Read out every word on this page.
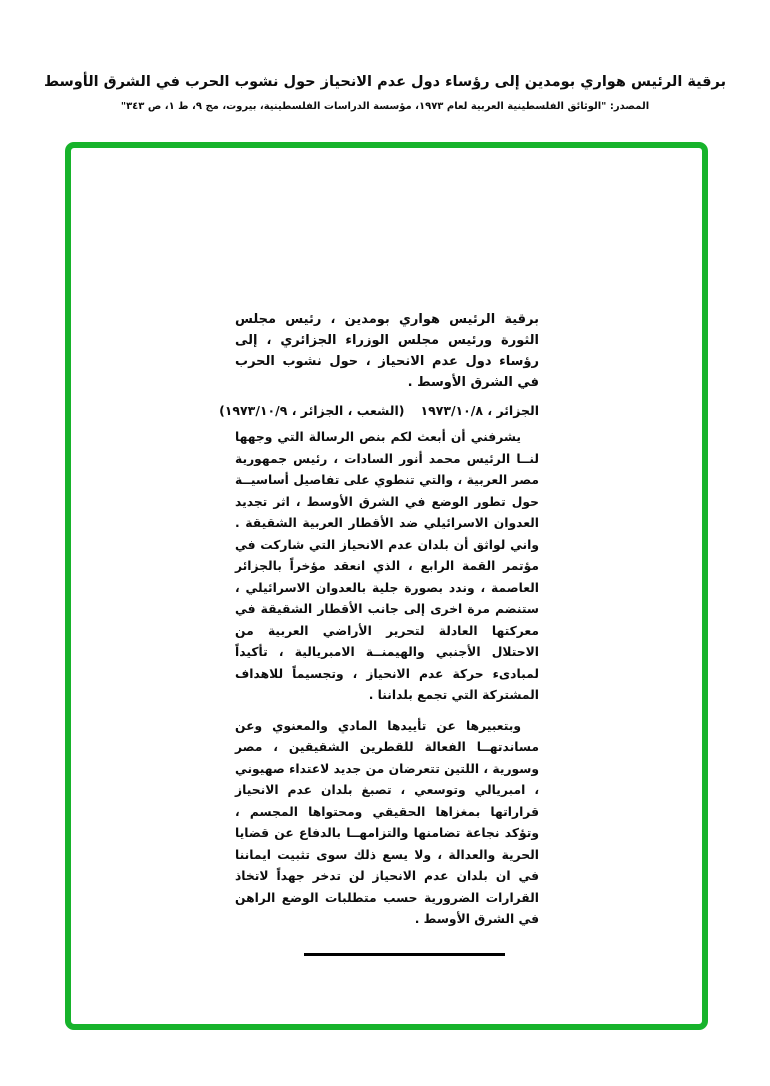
برقية الرئيس هواري بومدين إلى رؤساء دول عدم الانحياز حول نشوب الحرب في الشرق الأوسط
المصدر: "الوثائق الفلسطينية العربية لعام ١٩٧٣، مؤسسة الدراسات الفلسطينية، بيروت، مج ٩، ط ١، ص ٣٤٣"

برقية الرئيس هواري بومدين ، رئيس مجلس الثورة ورئيس مجلس الوزراء الجزائري ، إلى رؤساء دول عدم الانحياز ، حول نشوب الحرب في الشرق الأوسط .

الجزائر ، ١٩٧٣/١٠/٨
(الشعب ، الجزائر ، ١٩٧٣/١٠/٩)

يشرفني أن أبعث لكم بنص الرسالة التي وجهها لنــا الرئيس محمد أنور السادات ، رئيس جمهورية مصر العربية ، والتي تنطوي على تفاصيل أساسيــة حول تطور الوضع في الشرق الأوسط ، اثر تجديد العدوان الاسرائيلي ضد الأقطار العربية الشقيقة . واني لواثق أن بلدان عدم الانحياز التي شاركت في مؤتمر القمة الرابع ، الذي انعقد مؤخراً بالجزائر العاصمة ، وندد بصورة جلية بالعدوان الاسرائيلي ، ستنضم مرة اخرى إلى جانب الأقطار الشقيقة في معركتها العادلة لتحرير الأراضي العربية من الاحتلال الأجنبي والهيمنــة الامبريالية ، تأكيداً لمبادىء حركة عدم الانحياز ، وتجسيماً للاهداف المشتركة التي تجمع بلداننا .

وبتعبيرها عن تأييدها المادي والمعنوي وعن مساندتهــا الفعالة للقطرين الشقيقين ، مصر وسورية ، اللتين تتعرضان من جديد لاعتداء صهيوني ، امبريالي وتوسعي ، تصبغ بلدان عدم الانحياز قراراتها بمغزاها الحقيقي ومحتواها المجسم ، وتؤكد نجاعة تضامنها والتزامهــا بالدفاع عن قضايا الحرية والعدالة ، ولا يسع ذلك سوى تثبيت ايماننا في ان بلدان عدم الانحياز لن تدخر جهداً لاتخاذ القرارات الضرورية حسب متطلبات الوضع الراهن في الشرق الأوسط .
